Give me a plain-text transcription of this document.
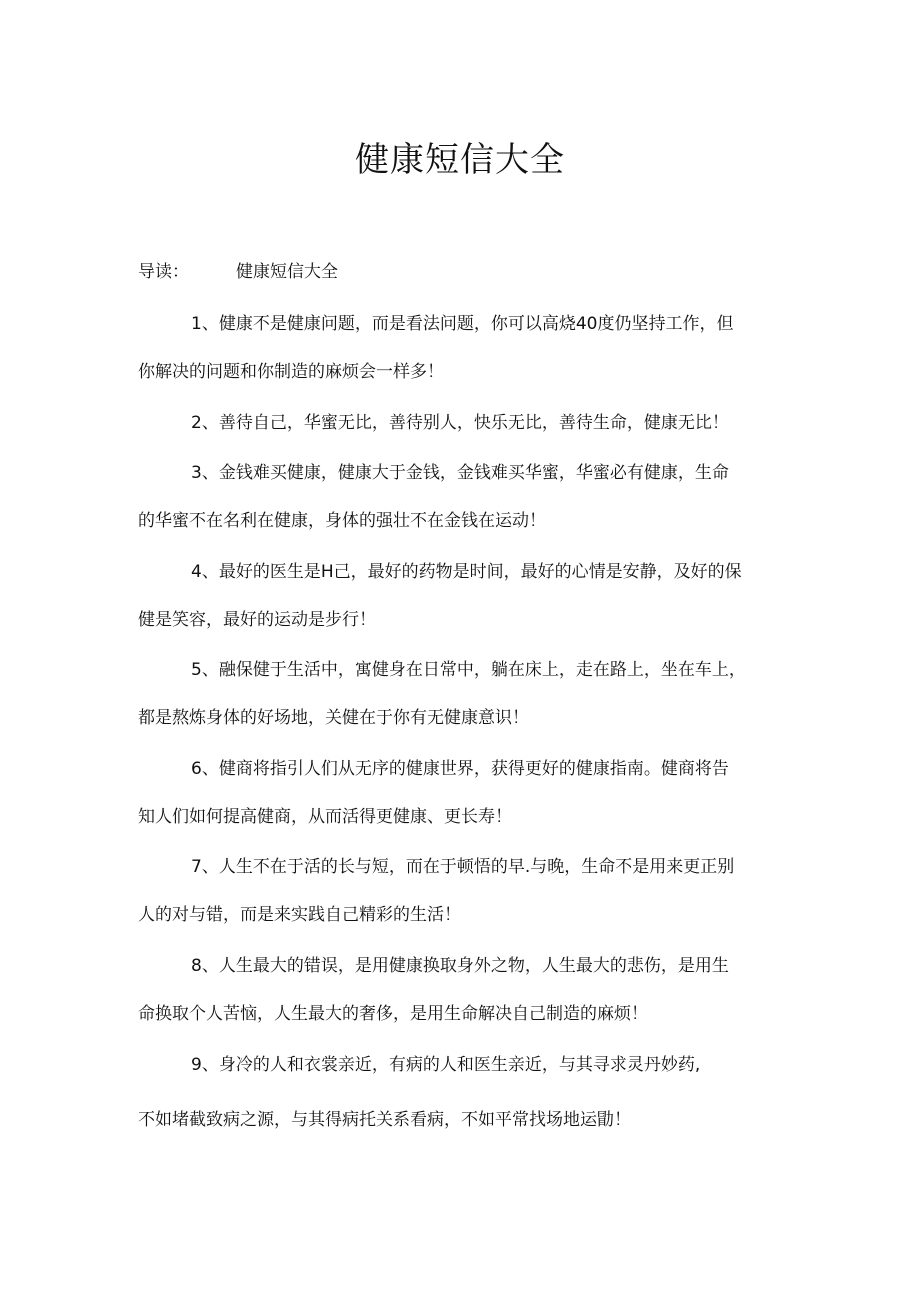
健康短信大全

导读：	健康短信大全

1、健康不是健康问题，而是看法问题，你可以高烧40度仍坚持工作，但
你解决的问题和你制造的麻烦会一样多！
2、善待自己，华蜜无比，善待别人，快乐无比，善待生命，健康无比！
3、金钱难买健康，健康大于金钱，金钱难买华蜜，华蜜必有健康，生命
的华蜜不在名利在健康，身体的强壮不在金钱在运动！
4、最好的医生是H己，最好的药物是时间，最好的心情是安静，及好的保
健是笑容，最好的运动是步行！
5、融保健于生活中，寓健身在日常中，躺在床上，走在路上，坐在车上，
都是熬炼身体的好场地，关健在于你有无健康意识！
6、健商将指引人们从无序的健康世界，获得更好的健康指南。健商将告
知人们如何提高健商，从而活得更健康、更长寿！
7、人生不在于活的长与短，而在于顿悟的早.与晚，生命不是用来更正别
人的对与错，而是来实践自己精彩的生活！
8、人生最大的错误，是用健康换取身外之物，人生最大的悲伤，是用生
命换取个人苦恼，人生最大的奢侈，是用生命解决自己制造的麻烦！
9、身冷的人和衣裳亲近，有病的人和医生亲近，与其寻求灵丹妙药,
不如堵截致病之源，与其得病托关系看病，不如平常找场地运勖！
